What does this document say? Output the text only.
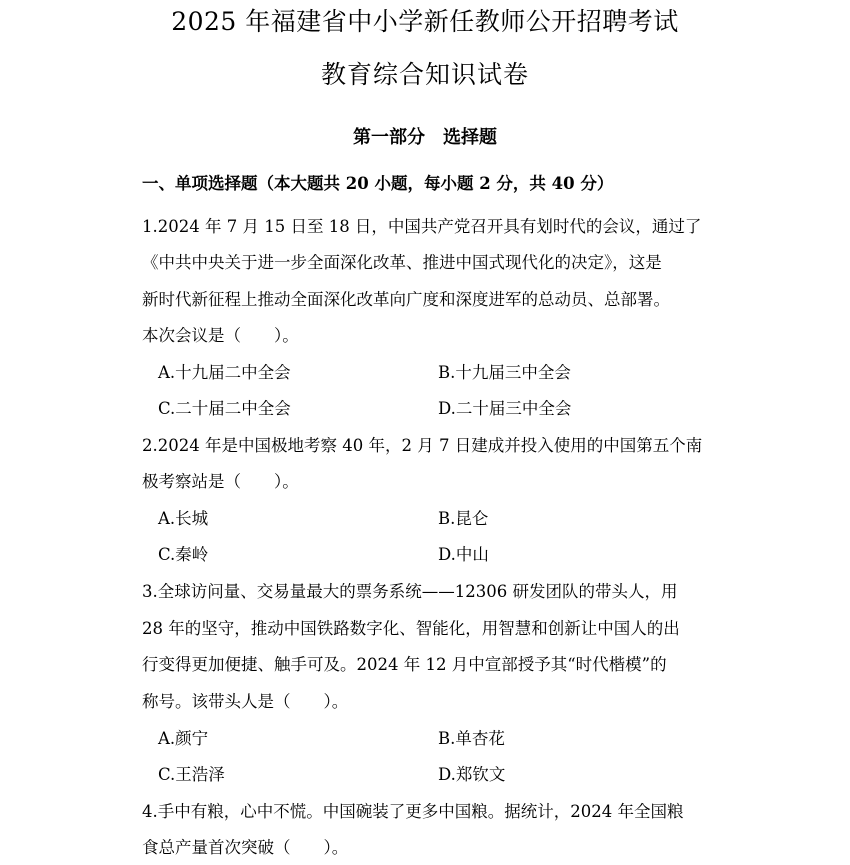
2025 年福建省中小学新任教师公开招聘考试
教育综合知识试卷
第一部分　选择题
一、单项选择题（本大题共 20 小题，每小题 2 分，共 40 分）
1.2024 年 7 月 15 日至 18 日，中国共产党召开具有划时代的会议，通过了
《中共中央关于进一步全面深化改革、推进中国式现代化的决定》，这是
新时代新征程上推动全面深化改革向广度和深度进军的总动员、总部署。
本次会议是（　　）。
A.十九届二中全会	B.十九届三中全会
C.二十届二中全会	D.二十届三中全会
2.2024 年是中国极地考察 40 年，2 月 7 日建成并投入使用的中国第五个南
极考察站是（　　）。
A.长城	B.昆仑
C.秦岭	D.中山
3.全球访问量、交易量最大的票务系统——12306 研发团队的带头人，用
28 年的坚守，推动中国铁路数字化、智能化，用智慧和创新让中国人的出
行变得更加便捷、触手可及。2024 年 12 月中宣部授予其“时代楷模”的
称号。该带头人是（　　）。
A.颜宁	B.单杏花
C.王浩泽	D.郑钦文
4.手中有粮，心中不慌。中国碗装了更多中国粮。据统计，2024 年全国粮
食总产量首次突破（　　）。
